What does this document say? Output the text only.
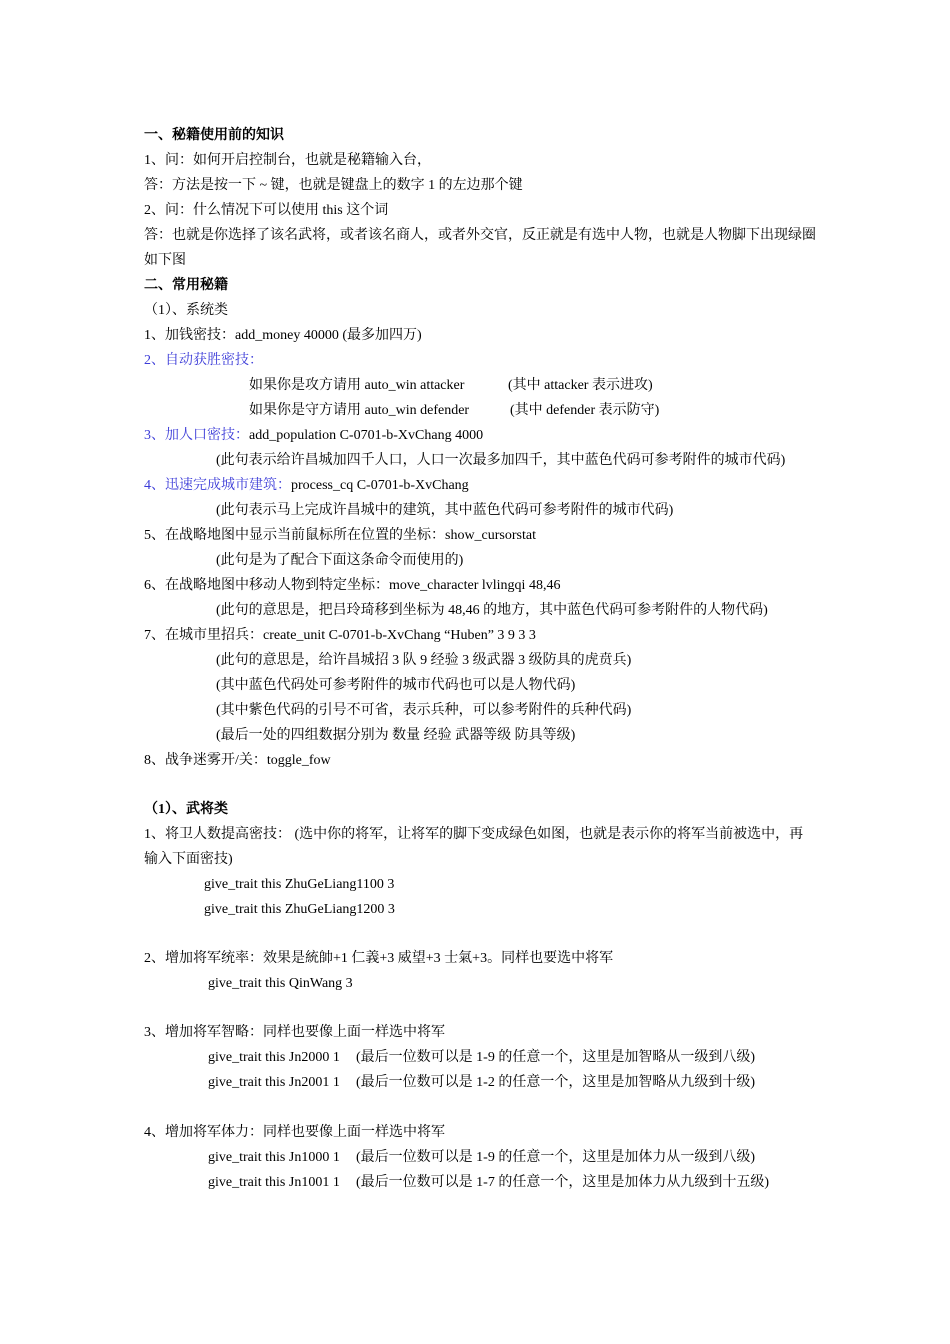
一、秘籍使用前的知识
1、问：如何开启控制台，也就是秘籍输入台，
答：方法是按一下 ~ 键，也就是键盘上的数字 1 的左边那个键
2、问：什么情况下可以使用 this 这个词
答：也就是你选择了该名武将，或者该名商人，或者外交官，反正就是有选中人物，也就是人物脚下出现绿圈
如下图
二、常用秘籍
（1）、系统类
1、加钱密技：add_money 40000 (最多加四万)
2、自动获胜密技：
如果你是攻方请用 auto_win attacker	(其中 attacker 表示进攻)
如果你是守方请用 auto_win defender	(其中 defender 表示防守)
3、加人口密技：add_population C-0701-b-XvChang 4000
(此句表示给许昌城加四千人口，人口一次最多加四千，其中蓝色代码可参考附件的城市代码)
4、迅速完成城市建筑：process_cq C-0701-b-XvChang
(此句表示马上完成许昌城中的建筑，其中蓝色代码可参考附件的城市代码)
5、在战略地图中显示当前鼠标所在位置的坐标：show_cursorstat
(此句是为了配合下面这条命令而使用的)
6、在战略地图中移动人物到特定坐标：move_character lvlingqi 48,46
(此句的意思是，把吕玲琦移到坐标为 48,46 的地方，其中蓝色代码可参考附件的人物代码)
7、在城市里招兵：create_unit C-0701-b-XvChang “Huben” 3 9 3 3
(此句的意思是，给许昌城招 3 队 9 经验 3 级武器 3 级防具的虎贲兵)
(其中蓝色代码处可参考附件的城市代码也可以是人物代码)
(其中紫色代码的引号不可省，表示兵种，可以参考附件的兵种代码)
(最后一处的四组数据分别为 数量 经验 武器等级 防具等级)
8、战争迷雾开/关：toggle_fow
（1）、武将类
1、将卫人数提高密技： (选中你的将军，让将军的脚下变成绿色如图，也就是表示你的将军当前被选中，再
输入下面密技)
give_trait this ZhuGeLiang1100 3
give_trait this ZhuGeLiang1200 3
2、增加将军统率：效果是統帥+1 仁義+3 威望+3 士氣+3。同样也要选中将军
give_trait this QinWang 3
3、增加将军智略：同样也要像上面一样选中将军
give_trait this Jn2000 1 (最后一位数可以是 1-9 的任意一个，这里是加智略从一级到八级)
give_trait this Jn2001 1 (最后一位数可以是 1-2 的任意一个，这里是加智略从九级到十级)
4、增加将军体力：同样也要像上面一样选中将军
give_trait this Jn1000 1 (最后一位数可以是 1-9 的任意一个，这里是加体力从一级到八级)
give_trait this Jn1001 1 (最后一位数可以是 1-7 的任意一个，这里是加体力从九级到十五级)
